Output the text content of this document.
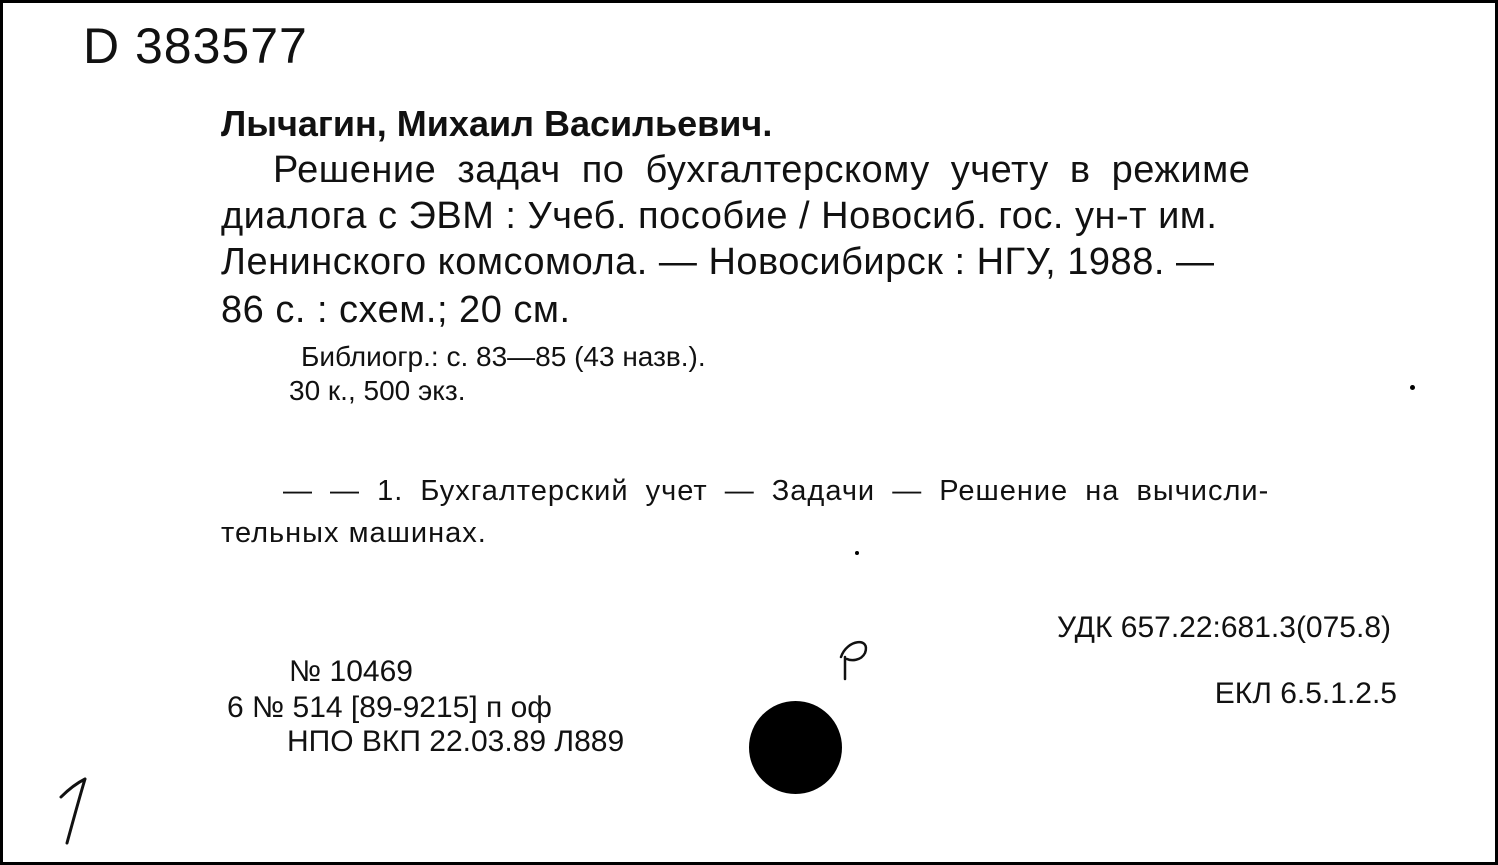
D 383577
Лычагин, Михаил Васильевич.
Решение задач по бухгалтерскому учету в режиме
диалога с ЭВМ : Учеб. пособие / Новосиб. гос. ун-т им.
Ленинского комсомола. — Новосибирск : НГУ, 1988. —
86 с. : схем.; 20 см.
Библиогр.: с. 83—85 (43 назв.).
30 к., 500 экз.
— — 1. Бухгалтерский учет — Задачи — Решение на вычисли-
тельных машинах.
УДК 657.22:681.3(075.8)
ЕКЛ 6.5.1.2.5
№ 10469
6 № 514 [89-9215] п оф
НПО ВКП 22.03.89 Л889
